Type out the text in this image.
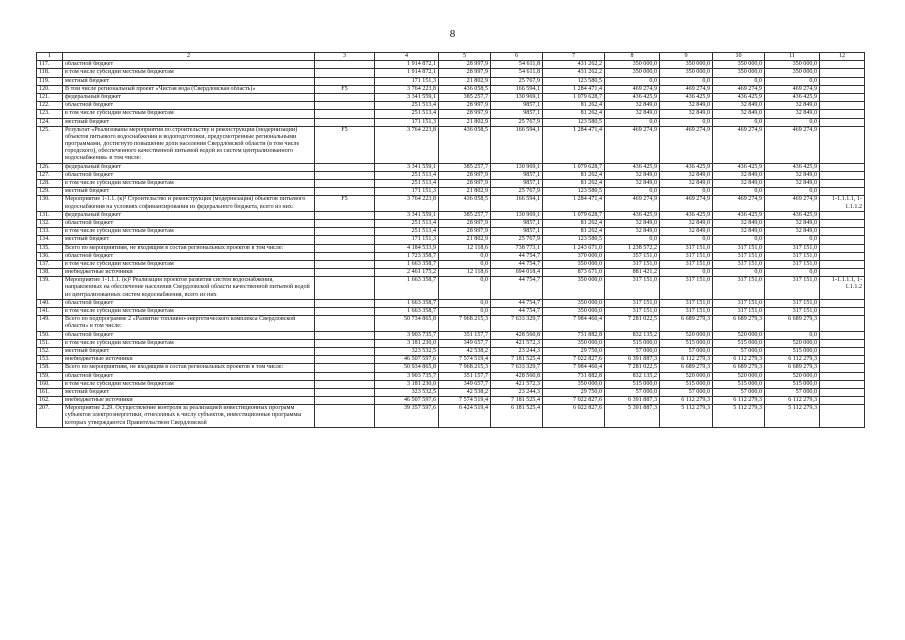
8
1	2	3	4	5	6	7	8	9	10	11	12
117.	областной бюджет		1 914 872,1	28 997,9	54 611,8	431 262,2	350 000,0	350 000,0	350 000,0	350 000,0	
118.	в том числе субсидии местным бюджетам		1 914 872,1	28 997,9	54 611,8	431 262,2	350 000,0	350 000,0	350 000,0	350 000,0	
119.	местный бюджет		171 151,3	21 802,9	25 767,9	123 580,5	0,0	0,0	0,0	0,0	
120.	В том числе региональный проект «Чистая вода (Свердловская область)»	F5	3 764 223,8	436 058,5	166 594,1	1 284 471,4	469 274,9	469 274,9	469 274,9	469 274,9	
121.	федеральный бюджет		3 341 559,1	385 257,7	130 969,1	1 079 628,7	436 425,9	436 425,9	436 425,9	436 425,9	
122.	областной бюджет		251 513,4	28 997,9	9857,1	81 262,4	32 849,0	32 849,0	32 849,0	32 849,0	
123.	в том числе субсидии местным бюджетам		251 513,4	28 997,9	9857,1	81 262,4	32 849,0	32 849,0	32 849,0	32 849,0	
124.	местный бюджет		171 151,3	21 802,9	25 767,9	123 580,5	0,0	0,0	0,0	0,0	
125.	Результат «Реализованы мероприятия по строительству и реконструкции (модернизации) объектов питьевого водоснабжения и водоподготовки, предусмотренные региональными программами, достигнуто повышение доли населения Свердловской области (в том числе городского), обеспеченного качественной питьевой водой из систем централизованного водоснабжения» в том числе:	F5	3 764 223,8	436 058,5	166 594,1	1 284 471,4	469 274,9	469 274,9	469 274,9	469 274,9	
126.	федеральный бюджет		3 341 559,1	385 257,7	130 969,1	1 079 628,7	436 425,9	436 425,9	436 425,9	436 425,9	
127.	областной бюджет		251 513,4	28 997,9	9857,1	81 262,4	32 849,0	32 849,0	32 849,0	32 849,0	
128.	в том числе субсидии местным бюджетам		251 513,4	28 997,9	9857,1	81 262,4	32 849,0	32 849,0	32 849,0	32 849,0	
129.	местный бюджет		171 151,3	21 802,9	25 767,9	123 580,5	0,0	0,0	0,0	0,0	
130.	Мероприятие 1-1.1. (к)² Строительство и реконструкция (модернизация) объектов питьевого водоснабжения на условиях софинансирования из федерального бюджета, всего из них:	F5	3 764 223,8	436 058,5	166 594,1	1 284 471,4	469 274,9	469 274,9	469 274,9	469 274,9	1-1.1.1.1, 1-1.1.1.2
131.	федеральный бюджет		3 341 559,1	385 257,7	130 969,1	1 079 628,7	436 425,9	436 425,9	436 425,9	436 425,9	
132.	областной бюджет		251 513,4	28 997,9	9857,1	81 262,4	32 849,0	32 849,0	32 849,0	32 849,0	
133.	в том числе субсидии местным бюджетам		251 513,4	28 997,9	9857,1	81 262,4	32 849,0	32 849,0	32 849,0	32 849,0	
134.	местный бюджет		171 151,3	21 802,9	25 767,9	123 580,5	0,0	0,0	0,0	0,0	
135.	Всего по мероприятиям, не входящим в состав региональных проектов в том числе:		4 184 533,9	12 118,6	738 773,1	1 243 671,0	1 238 572,2	317 151,0	317 151,0	317 151,0	
136.	областной бюджет		1 723 358,7	0,0	44 754,7	370 000,0	357 151,0	317 151,0	317 151,0	317 151,0	
137.	в том числе субсидии местным бюджетам		1 663 358,7	0,0	44 754,7	350 000,0	317 151,0	317 151,0	317 151,0	317 151,0	
138.	внебюджетные источники		2 461 175,2	12 118,6	694 018,4	873 671,0	881 421,2	0,0	0,0	0,0	
139.	Мероприятие 1-1.1.1. (к)² Реализация проектов развития систем водоснабжения, направленных на обеспечение населения Свердловской области качественной питьевой водой из централизованных систем водоснабжения, всего из них		1 663 358,7	0,0	44 754,7	350 000,0	317 151,0	317 151,0	317 151,0	317 151,0	1-1.1.1.1, 1-1.1.1.2
140.	областной бюджет		1 663 358,7	0,0	44 754,7	350 000,0	317 151,0	317 151,0	317 151,0	317 151,0	
141.	в том числе субсидии местным бюджетам		1 663 358,7	0,0	44 754,7	350 000,0	317 151,0	317 151,0	317 151,0	317 151,0	
149.	Всего по подпрограмме 2 «Развитие топливно-энергетического комплекса Свердловской области» в том числе:		50 734 865,8	7 968 215,3	7 633 329,7	7 984 460,4	7 281 022,5	6 689 279,3	6 689 279,3	6 689 279,3	
150.	областной бюджет		3 903 735,7	351 157,7	428 560,8	731 882,8	832 135,2	520 000,0	520 000,0	0,0	
151.	в том числе субсидии местным бюджетам		3 181 230,0	349 657,7	421 572,3	350 000,0	515 000,0	515 000,0	515 000,0	520 000,0	
152.	местный бюджет		323 532,5	42 538,2	23 244,3	29 750,0	57 000,0	57 000,0	57 000,0	515 000,0	
153.	внебюджетные источники		46 507 597,6	7 574 519,4	7 181 525,4	7 022 827,6	6 391 887,3	6 112 279,3	6 112 279,3	6 112 279,3	
158.	Всего по мероприятиям, не входящим в состав региональных проектов в том числе:		50 934 865,8	7 968 215,3	7 633 329,7	7 984 460,4	7 281 022,5	6 689 279,3	6 689 279,3	6 689 279,3	
159.	областной бюджет		3 903 735,7	351 157,7	428 560,8	731 882,8	832 135,2	520 000,0	520 000,0	520 000,0	
160.	в том числе субсидии местным бюджетам		3 181 230,0	349 657,7	421 572,3	350 000,0	515 000,0	515 000,0	515 000,0	515 000,0	
161.	местный бюджет		323 532,5	42 538,2	23 244,3	29 750,0	57 000,0	57 000,0	57 000,0	57 000,0	
162.	внебюджетные источники		46 507 597,6	7 574 519,4	7 181 525,4	7 022 827,6	6 391 887,3	6 112 279,3	6 112 279,3	6 112 279,3	
207.	Мероприятие 2.29. Осуществление контроля за реализацией инвестиционных программ субъектов электроэнергетики, отнесенных к числу субъектов, инвестиционные программы которых утверждаются Правительством Свердловской		39 357 597,6	6 424 519,4	6 181 525,4	6 022 827,6	5 391 887,3	5 112 279,3	5 112 279,3	5 112 279,3	
